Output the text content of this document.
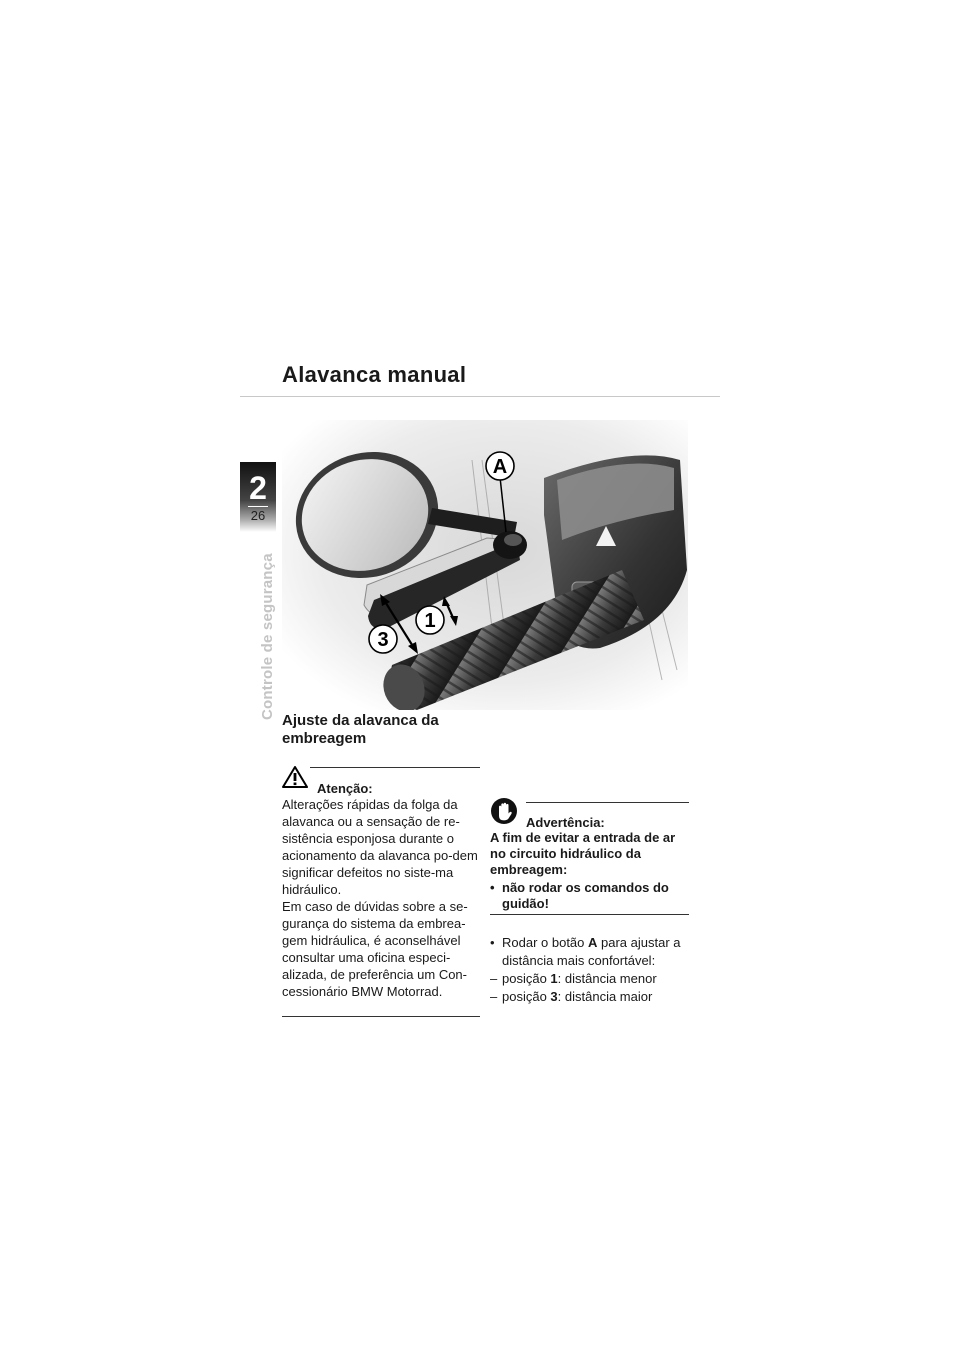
Alavanca manual
2
26
Controle de segurança
A
1
3
Ajuste da alavanca da embreagem
Atenção:
Alterações rápidas da folga da alavanca ou a sensação de re-sistência esponjosa durante o acionamento da alavanca po-dem significar defeitos no siste-ma hidráulico.
Em caso de dúvidas sobre a se-gurança do sistema da embrea-gem hidráulica, é aconselhável consultar uma oficina especi-alizada, de preferência um Con-cessionário BMW Motorrad.
Advertência:
A fim de evitar a entrada de ar no circuito hidráulico da embreagem:
• não rodar os comandos do guidão!
• Rodar o botão A para ajustar a distância mais confortável:
– posição 1: distância menor
– posição 3: distância maior
